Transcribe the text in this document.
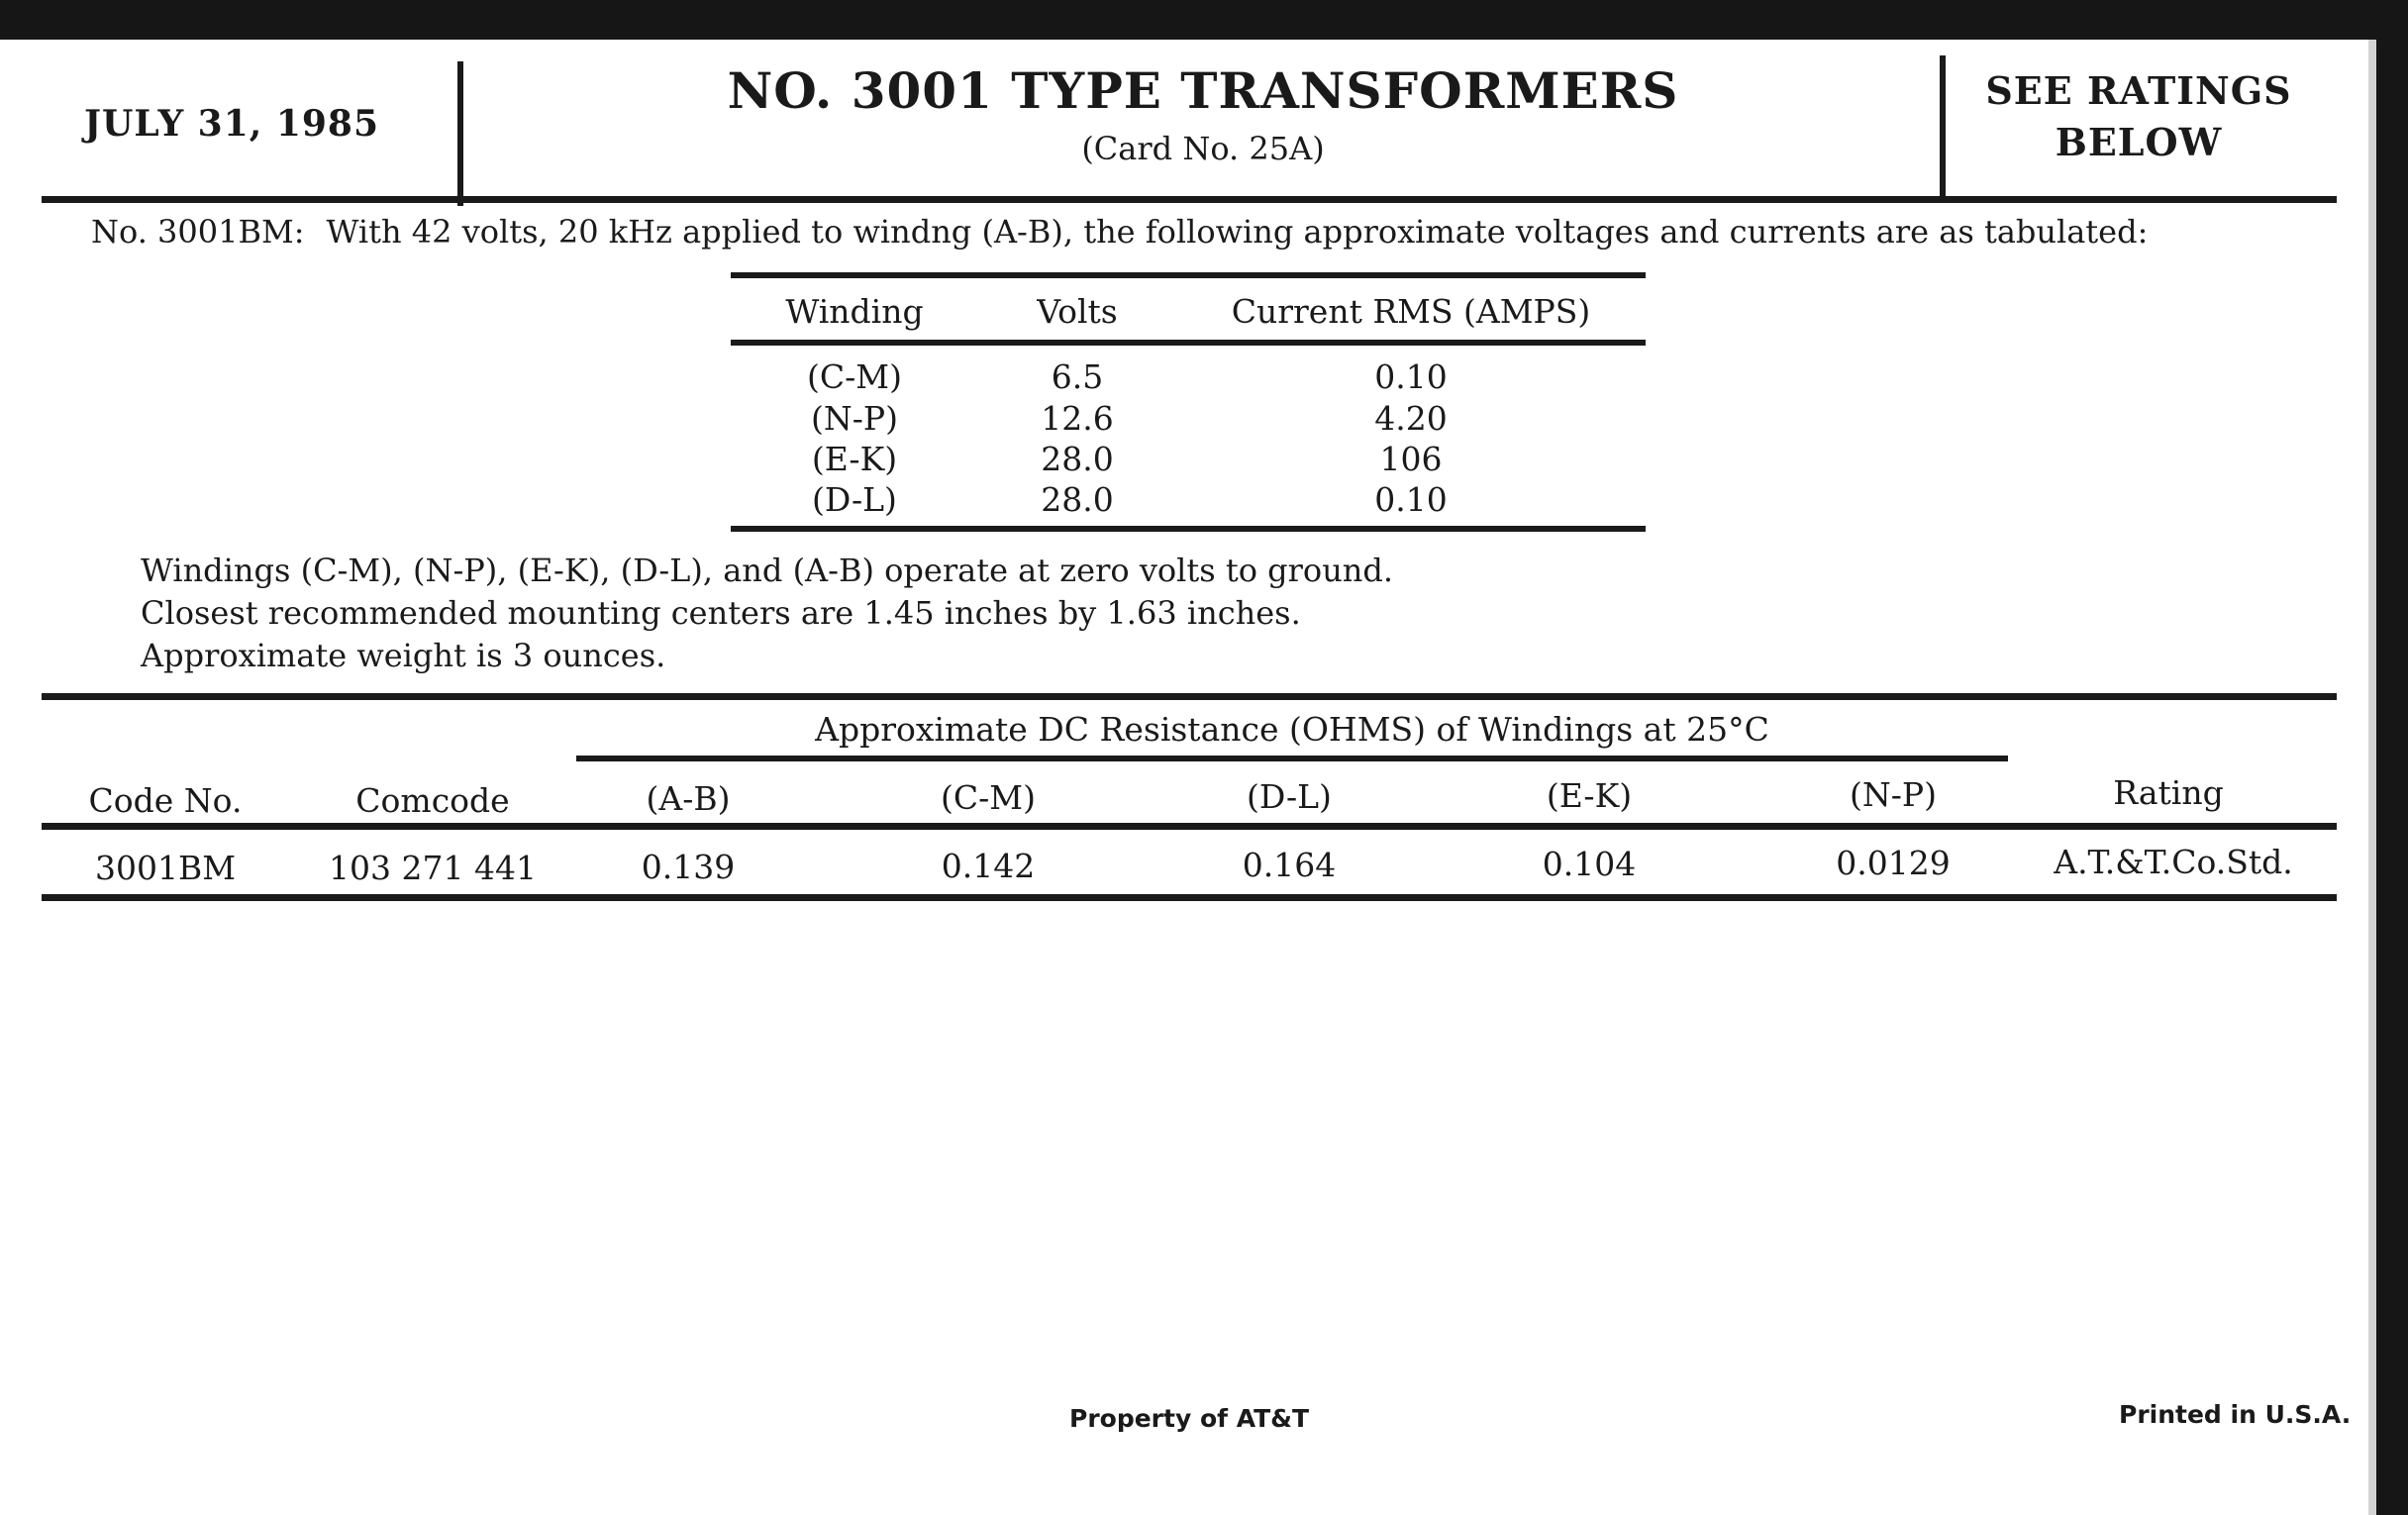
JULY 31, 1985
NO. 3001 TYPE TRANSFORMERS
(Card No. 25A)
SEE RATINGS
BELOW
No. 3001BM: With 42 volts, 20 kHz applied to windng (A-B), the following approximate voltages and currents are as tabulated:
Winding	Volts	Current RMS (AMPS)
(C-M)	6.5	0.10
(N-P)	12.6	4.20
(E-K)	28.0	106
(D-L)	28.0	0.10
Windings (C-M), (N-P), (E-K), (D-L), and (A-B) operate at zero volts to ground.
Closest recommended mounting centers are 1.45 inches by 1.63 inches.
Approximate weight is 3 ounces.
Approximate DC Resistance (OHMS) of Windings at 25°C
Code No.	Comcode	(A-B)	(C-M)	(D-L)	(E-K)	(N-P)	Rating
3001BM	103 271 441	0.139	0.142	0.164	0.104	0.0129	A.T.&T.Co.Std.
Property of AT&T	Printed in U.S.A.
